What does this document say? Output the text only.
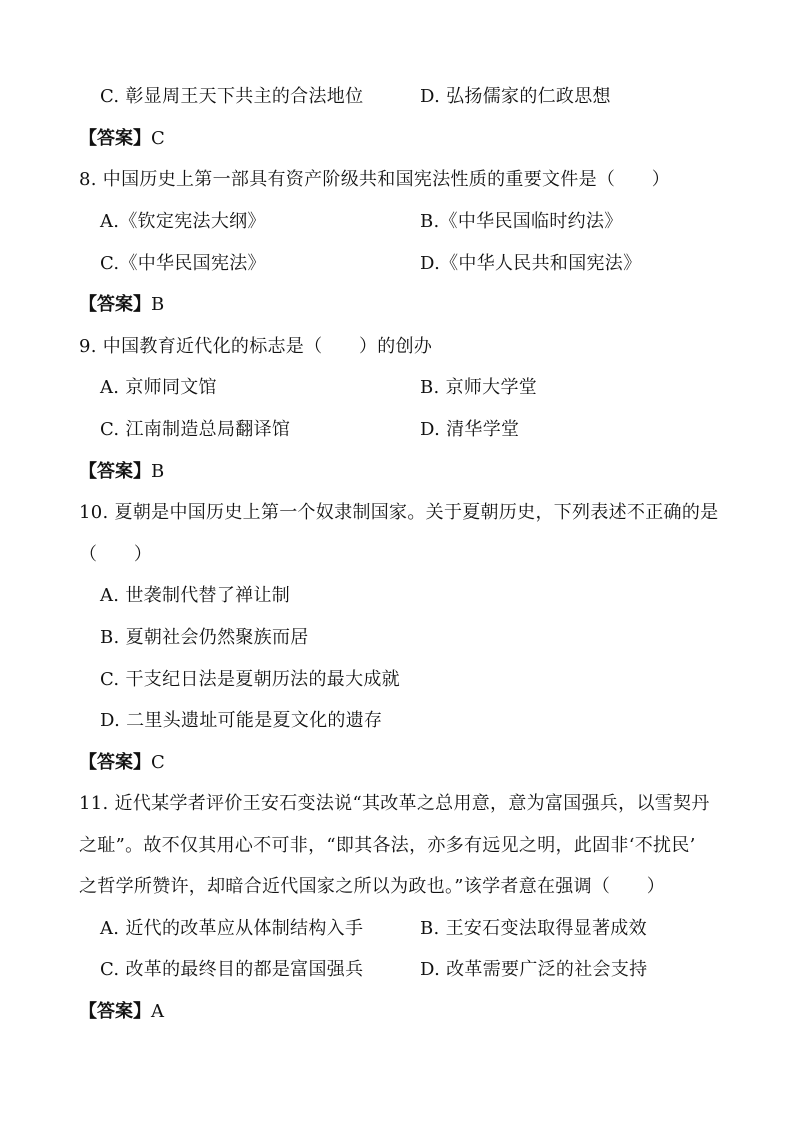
C. 彰显周王天下共主的合法地位	D. 弘扬儒家的仁政思想
【答案】C
8. 中国历史上第一部具有资产阶级共和国宪法性质的重要文件是（　　）
A.《钦定宪法大纲》	B.《中华民国临时约法》
C.《中华民国宪法》	D.《中华人民共和国宪法》
【答案】B
9. 中国教育近代化的标志是（　　）的创办
A. 京师同文馆	B. 京师大学堂
C. 江南制造总局翻译馆	D. 清华学堂
【答案】B
10. 夏朝是中国历史上第一个奴隶制国家。关于夏朝历史，下列表述不正确的是
（　　）
A. 世袭制代替了禅让制
B. 夏朝社会仍然聚族而居
C. 干支纪日法是夏朝历法的最大成就
D. 二里头遗址可能是夏文化的遗存
【答案】C
11. 近代某学者评价王安石变法说“其改革之总用意，意为富国强兵，以雪契丹
之耻”。故不仅其用心不可非，“即其各法，亦多有远见之明，此固非‘不扰民’
之哲学所赞许，却暗合近代国家之所以为政也。”该学者意在强调（　　）
A. 近代的改革应从体制结构入手	B. 王安石变法取得显著成效
C. 改革的最终目的都是富国强兵	D. 改革需要广泛的社会支持
【答案】A
